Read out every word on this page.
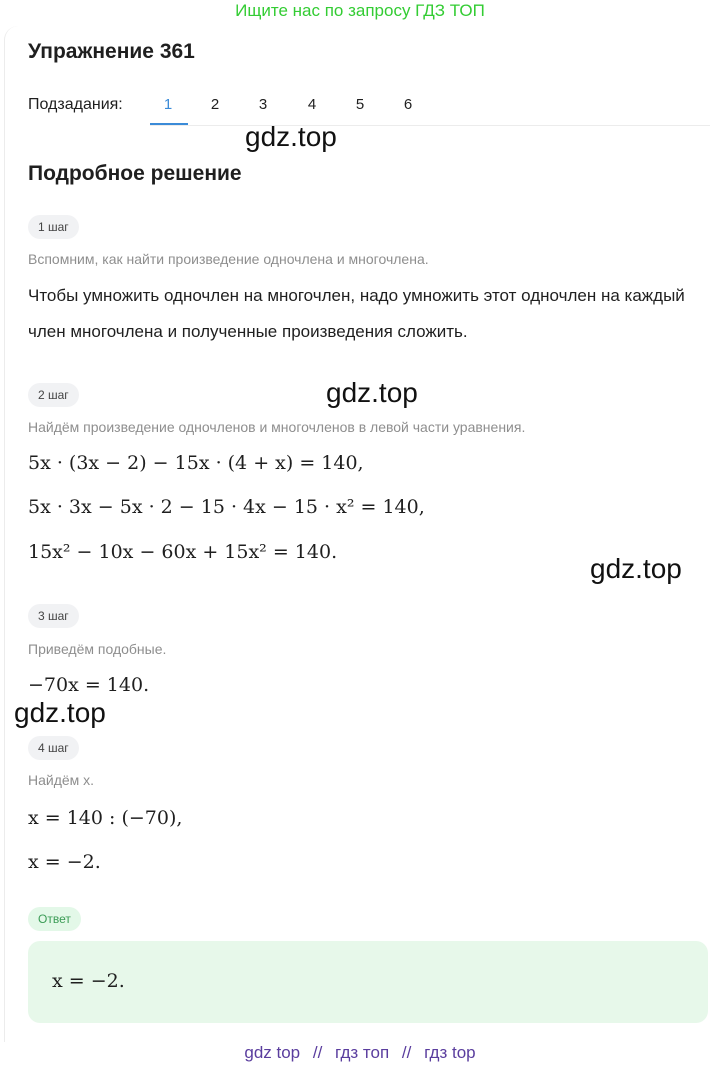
Ищите нас по запросу ГДЗ ТОП
Упражнение 361
Подзадания:	1	2	3	4	5	6
Подробное решение
1 шаг
Вспомним, как найти произведение одночлена и многочлена.
Чтобы умножить одночлен на многочлен, надо умножить этот одночлен на каждый член многочлена и полученные произведения сложить.
2 шаг
Найдём произведение одночленов и многочленов в левой части уравнения.
5x · (3x − 2) − 15x · (4 + x) = 140,
5x · 3x − 5x · 2 − 15 · 4x − 15 · x² = 140,
15x² − 10x − 60x + 15x² = 140.
3 шаг
Приведём подобные.
−70x = 140.
4 шаг
Найдём x.
x = 140 : (−70),
x = −2.
Ответ
x = −2.
gdz.top
gdz.top
gdz.top
gdz.top
gdz top // гдз топ // гдз top
